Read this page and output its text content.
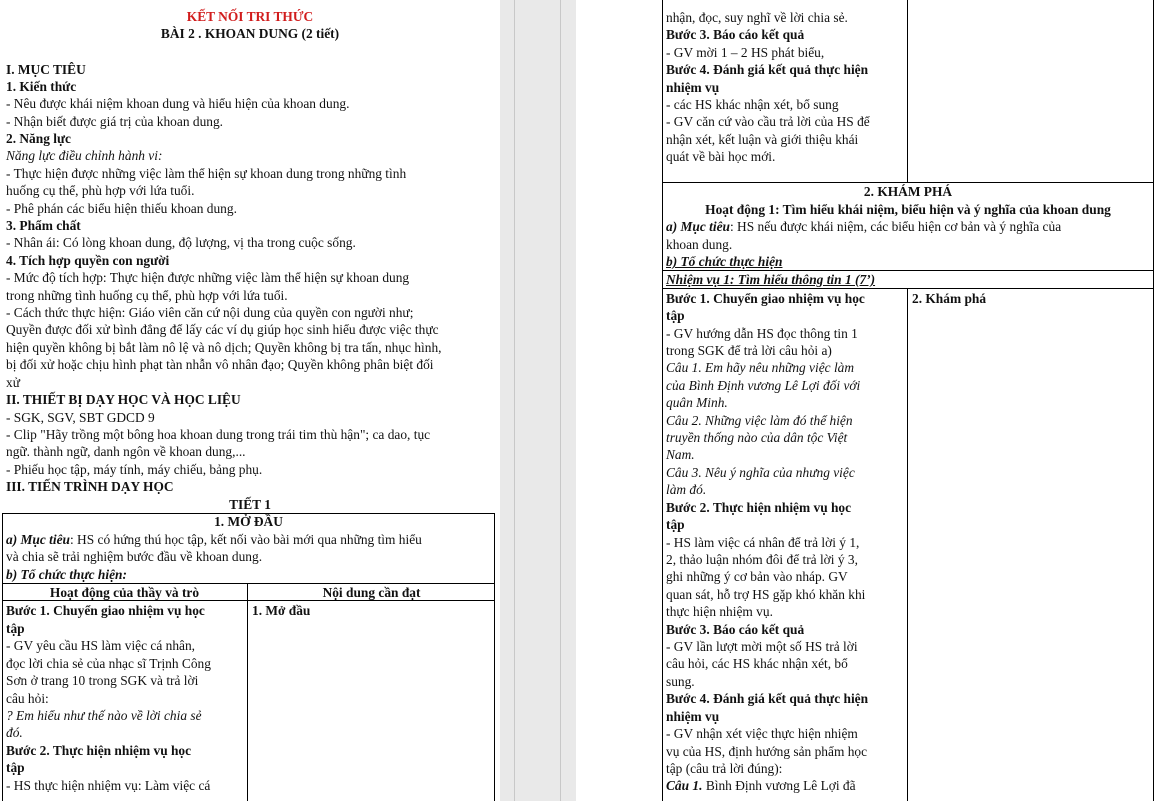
KẾT NỐI TRI THỨC
BÀI 2 . KHOAN DUNG (2 tiết)
I. MỤC TIÊU
1. Kiến thức
- Nêu được khái niệm khoan dung và hiểu hiện của khoan dung.
- Nhận biết được giá trị của khoan dung.
2. Năng lực
Năng lực điều chỉnh hành vi:
- Thực hiện được những việc làm thể hiện sự khoan dung trong những tình
huống cụ thể, phù hợp với lứa tuổi.
- Phê phán các biểu hiện thiếu khoan dung.
3. Phẩm chất
- Nhân ái: Có lòng khoan dung, độ lượng, vị tha trong cuộc sống.
4. Tích hợp quyền con người
- Mức độ tích hợp: Thực hiện được những việc làm thể hiện sự khoan dung
trong những tình huống cụ thể, phù hợp với lứa tuổi.
- Cách thức thực hiện: Giáo viên căn cứ nội dung của quyền con người như;
Quyền được đối xử bình đẳng để lấy các ví dụ giúp học sinh hiểu được việc thực
hiện quyền không bị bắt làm nô lệ và nô dịch; Quyền không bị tra tấn, nhục hình,
bị đối xử hoặc chịu hình phạt tàn nhẫn vô nhân đạo; Quyền không phân biệt đối
xử
II. THIẾT BỊ DẠY HỌC VÀ HỌC LIỆU
- SGK, SGV, SBT GDCD 9
- Clip "Hãy trồng một bông hoa khoan dung trong trái tim thù hận"; ca dao, tục
ngữ. thành ngữ, danh ngôn về khoan dung,...
- Phiếu học tập, máy tính, máy chiếu, bảng phụ.
III. TIẾN TRÌNH DẠY HỌC
TIẾT 1
1. MỞ ĐẦU
a) Mục tiêu: HS có hứng thú học tập, kết nối vào bài mới qua những tìm hiểu
và chia sẽ trải nghiệm bước đầu về khoan dung.
b) Tổ chức thực hiện:
Hoạt động của thầy và trò	Nội dung cần đạt
Bước 1. Chuyển giao nhiệm vụ học
tập
- GV yêu cầu HS làm việc cá nhân,
đọc lời chia sẻ của nhạc sĩ Trịnh Công
Sơn ở trang 10 trong SGK và trả lời
câu hỏi:
? Em hiểu như thế nào về lời chia sẻ
đó.
Bước 2. Thực hiện nhiệm vụ học
tập
- HS thực hiện nhiệm vụ: Làm việc cá
1. Mở đầu
nhận, đọc, suy nghĩ về lời chia sẻ.
Bước 3. Báo cáo kết quả
- GV mời 1 – 2 HS phát biểu,
Bước 4. Đánh giá kết quả thực hiện
nhiệm vụ
- các HS khác nhận xét, bổ sung
- GV căn cứ vào cầu trả lời của HS để
nhận xét, kết luận và giới thiệu khái
quát về bài học mới.
2. KHÁM PHÁ
Hoạt động 1: Tìm hiểu khái niệm, biểu hiện và ý nghĩa của khoan dung
a) Mục tiêu: HS nếu được khái niệm, các biểu hiện cơ bản và ý nghĩa của
khoan dung.
b) Tổ chức thực hiện
Nhiệm vụ 1: Tìm hiểu thông tin 1 (7’)
Bước 1. Chuyển giao nhiệm vụ học
tập
- GV hướng dẫn HS đọc thông tin 1
trong SGK để trả lời câu hỏi a)
Câu 1. Em hãy nêu những việc làm
của Bình Định vương Lê Lợi đối với
quân Minh.
Câu 2. Những việc làm đó thể hiện
truyền thống nào của dân tộc Việt
Nam.
Câu 3. Nêu ý nghĩa của nhưng việc
làm đó.
Bước 2. Thực hiện nhiệm vụ học
tập
- HS làm việc cá nhân để trả lời ý 1,
2, thảo luận nhóm đôi để trả lời ý 3,
ghi những ý cơ bản vào nháp. GV
quan sát, hỗ trợ HS gặp khó khăn khi
thực hiện nhiệm vụ.
Bước 3. Báo cáo kết quả
- GV lần lượt mời một số HS trả lời
câu hỏi, các HS khác nhận xét, bổ
sung.
Bước 4. Đánh giá kết quả thực hiện
nhiệm vụ
- GV nhận xét việc thực hiện nhiệm
vụ của HS, định hướng sản phẩm học
tập (câu trả lời đúng):
Câu 1. Bình Định vương Lê Lợi đã
2. Khám phá
